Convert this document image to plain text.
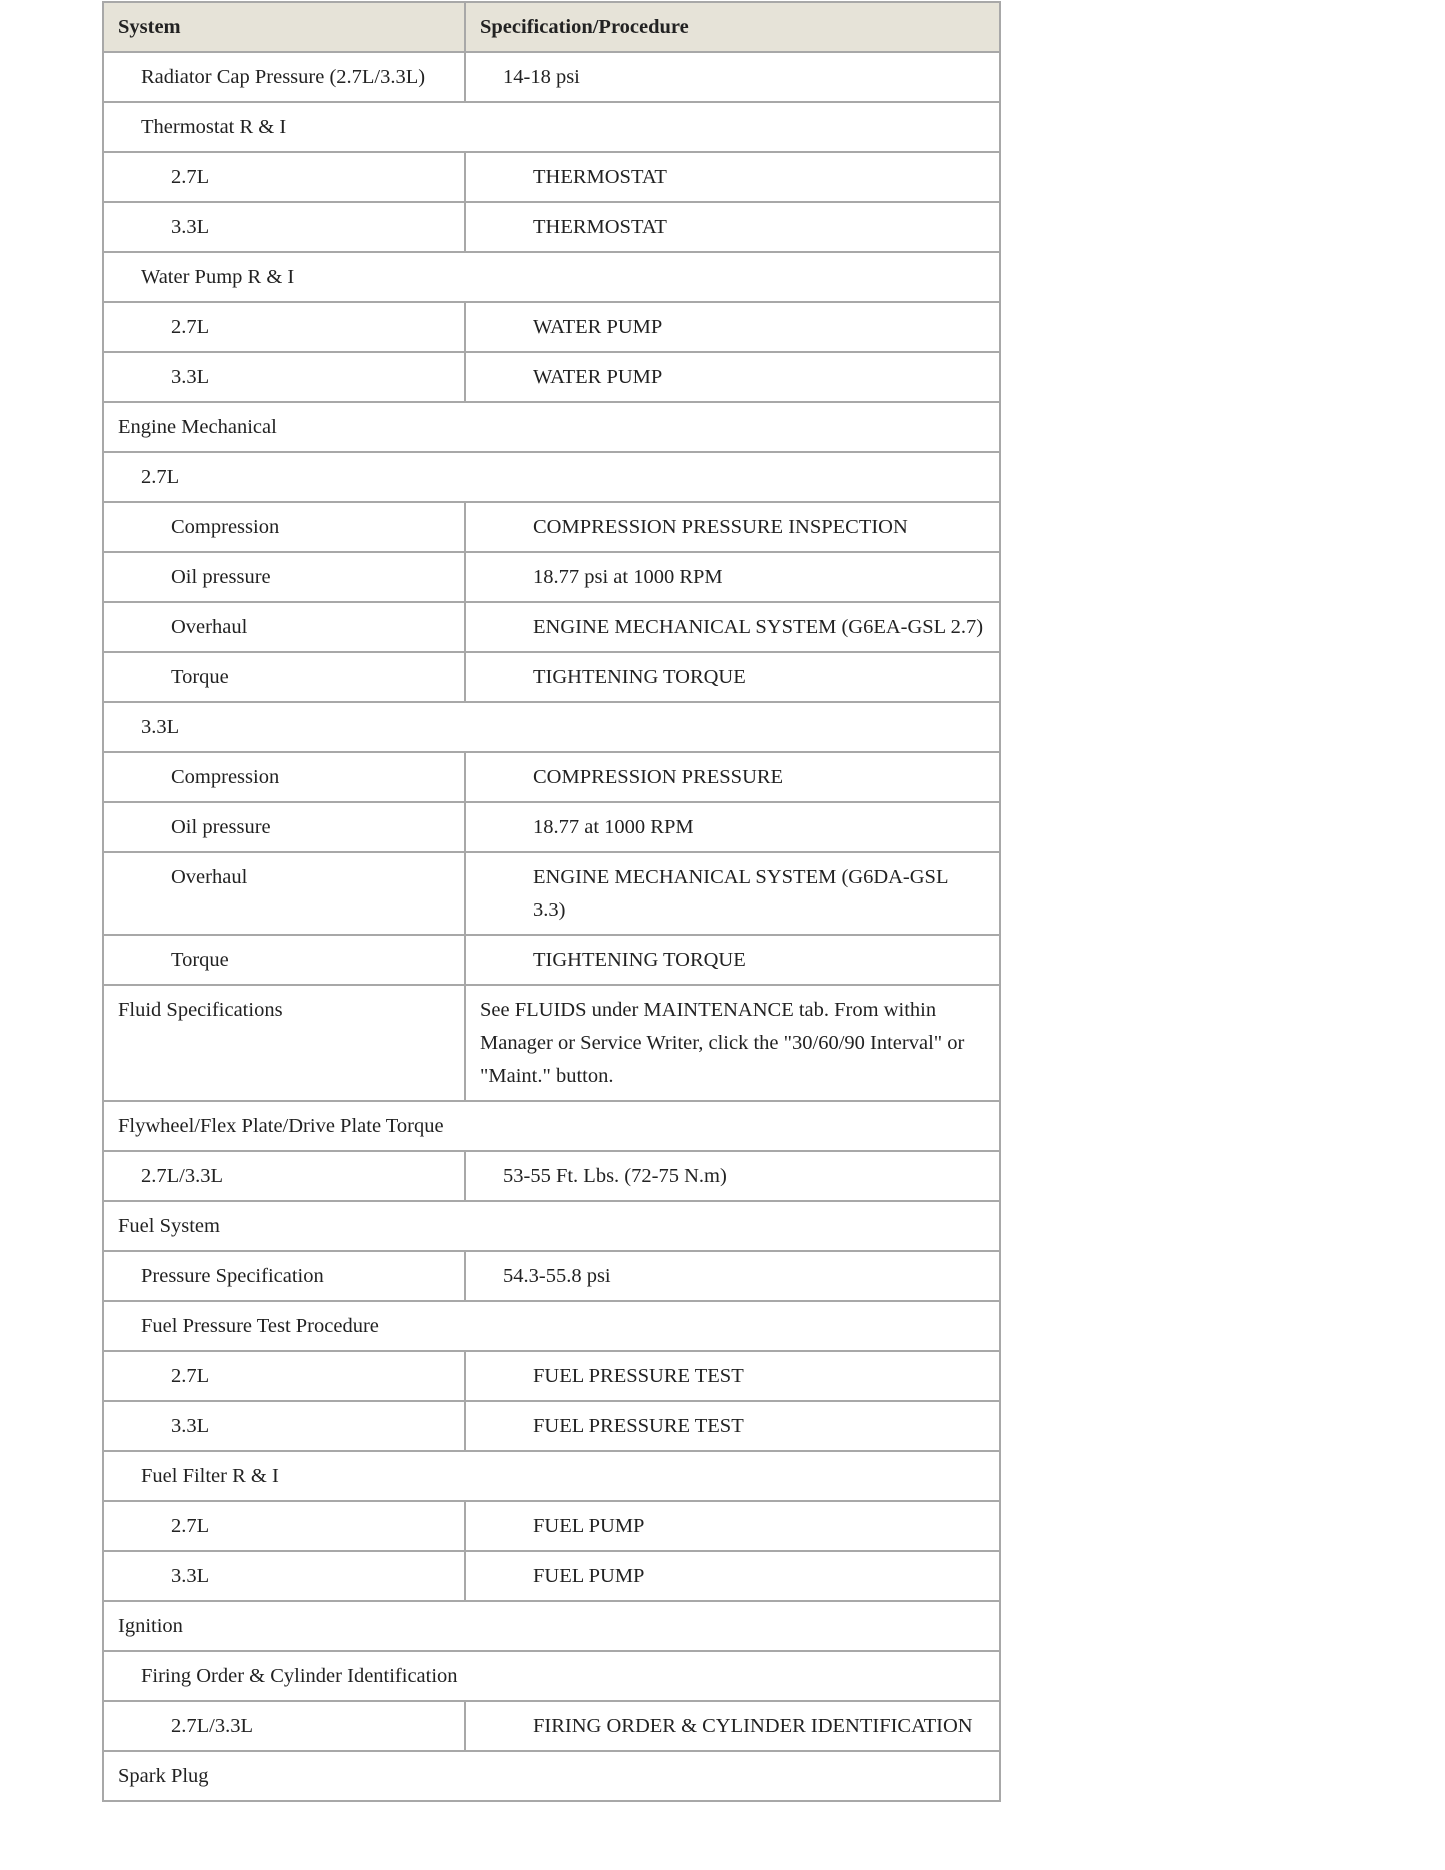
System	Specification/Procedure
Radiator Cap Pressure (2.7L/3.3L)	14-18 psi
Thermostat R & I	
2.7L	THERMOSTAT
3.3L	THERMOSTAT
Water Pump R & I	
2.7L	WATER PUMP
3.3L	WATER PUMP
Engine Mechanical	
2.7L	
Compression	COMPRESSION PRESSURE INSPECTION
Oil pressure	18.77 psi at 1000 RPM
Overhaul	ENGINE MECHANICAL SYSTEM (G6EA-GSL 2.7)
Torque	TIGHTENING TORQUE
3.3L	
Compression	COMPRESSION PRESSURE
Oil pressure	18.77 at 1000 RPM
Overhaul	ENGINE MECHANICAL SYSTEM (G6DA-GSL 3.3)
Torque	TIGHTENING TORQUE
Fluid Specifications	See FLUIDS under MAINTENANCE tab. From within Manager or Service Writer, click the "30/60/90 Interval" or "Maint." button.
Flywheel/Flex Plate/Drive Plate Torque	
2.7L/3.3L	53-55 Ft. Lbs. (72-75 N.m)
Fuel System	
Pressure Specification	54.3-55.8 psi
Fuel Pressure Test Procedure	
2.7L	FUEL PRESSURE TEST
3.3L	FUEL PRESSURE TEST
Fuel Filter R & I	
2.7L	FUEL PUMP
3.3L	FUEL PUMP
Ignition	
Firing Order & Cylinder Identification	
2.7L/3.3L	FIRING ORDER & CYLINDER IDENTIFICATION
Spark Plug	
